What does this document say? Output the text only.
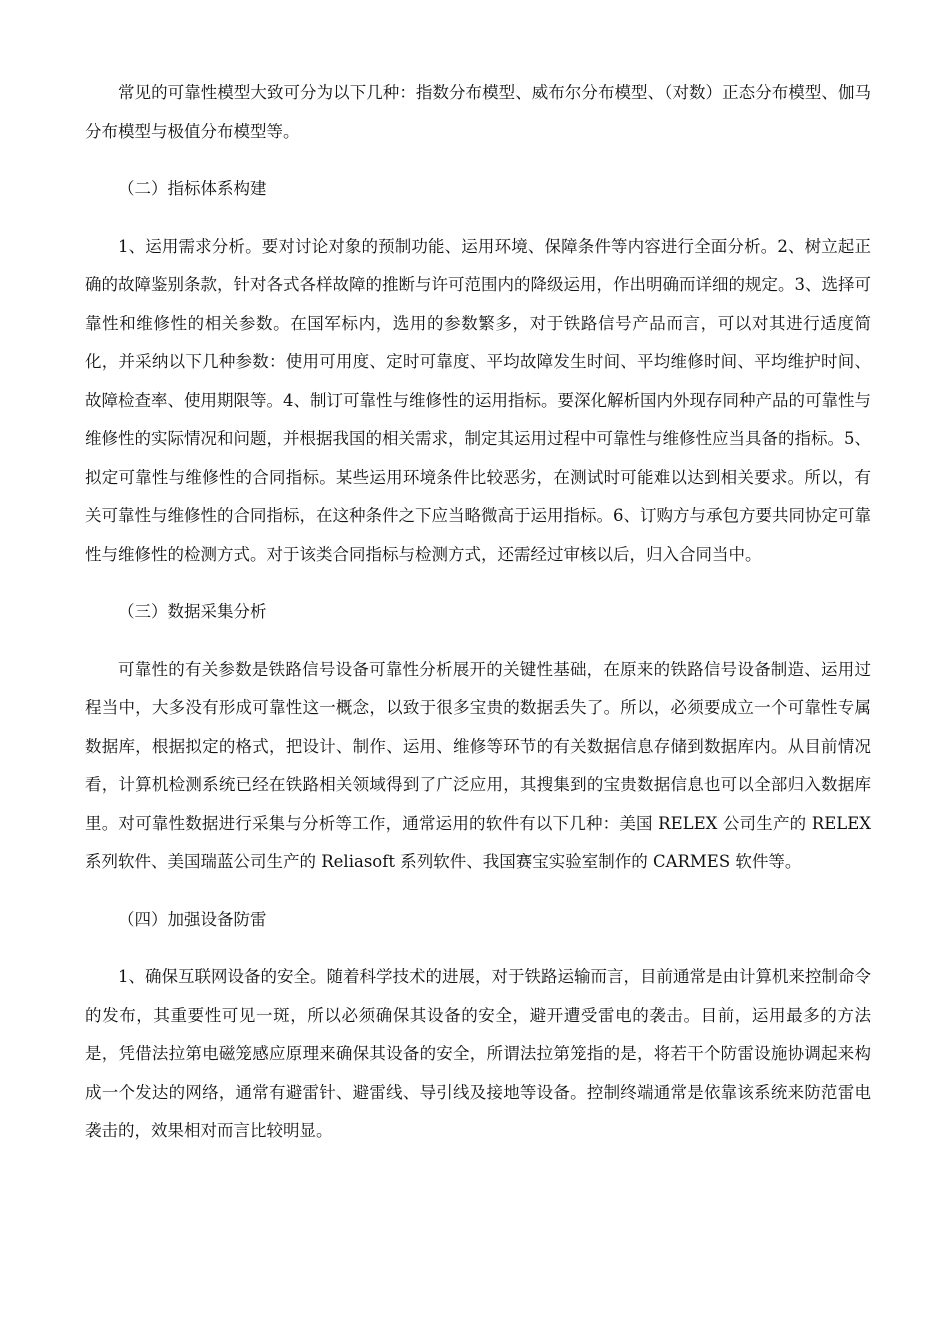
常见的可靠性模型大致可分为以下几种：指数分布模型、威布尔分布模型、（对数）正态分布模型、伽马分布模型与极值分布模型等。

（二）指标体系构建

1、运用需求分析。要对讨论对象的预制功能、运用环境、保障条件等内容进行全面分析。2、树立起正确的故障鉴别条款，针对各式各样故障的推断与许可范围内的降级运用，作出明确而详细的规定。3、选择可靠性和维修性的相关参数。在国军标内，选用的参数繁多，对于铁路信号产品而言，可以对其进行适度简化，并采纳以下几种参数：使用可用度、定时可靠度、平均故障发生时间、平均维修时间、平均维护时间、故障检查率、使用期限等。4、制订可靠性与维修性的运用指标。要深化解析国内外现存同种产品的可靠性与维修性的实际情况和问题，并根据我国的相关需求，制定其运用过程中可靠性与维修性应当具备的指标。5、拟定可靠性与维修性的合同指标。某些运用环境条件比较恶劣，在测试时可能难以达到相关要求。所以，有关可靠性与维修性的合同指标，在这种条件之下应当略微高于运用指标。6、订购方与承包方要共同协定可靠性与维修性的检测方式。对于该类合同指标与检测方式，还需经过审核以后，归入合同当中。

（三）数据采集分析

可靠性的有关参数是铁路信号设备可靠性分析展开的关键性基础，在原来的铁路信号设备制造、运用过程当中，大多没有形成可靠性这一概念，以致于很多宝贵的数据丢失了。所以，必须要成立一个可靠性专属数据库，根据拟定的格式，把设计、制作、运用、维修等环节的有关数据信息存储到数据库内。从目前情况看，计算机检测系统已经在铁路相关领域得到了广泛应用，其搜集到的宝贵数据信息也可以全部归入数据库里。对可靠性数据进行采集与分析等工作，通常运用的软件有以下几种：美国 RELEX 公司生产的 RELEX 系列软件、美国瑞蓝公司生产的 Reliasoft 系列软件、我国赛宝实验室制作的 CARMES 软件等。

（四）加强设备防雷

1、确保互联网设备的安全。随着科学技术的进展，对于铁路运输而言，目前通常是由计算机来控制命令的发布，其重要性可见一斑，所以必须确保其设备的安全，避开遭受雷电的袭击。目前，运用最多的方法是，凭借法拉第电磁笼感应原理来确保其设备的安全，所谓法拉第笼指的是，将若干个防雷设施协调起来构成一个发达的网络，通常有避雷针、避雷线、导引线及接地等设备。控制终端通常是依靠该系统来防范雷电袭击的，效果相对而言比较明显。
